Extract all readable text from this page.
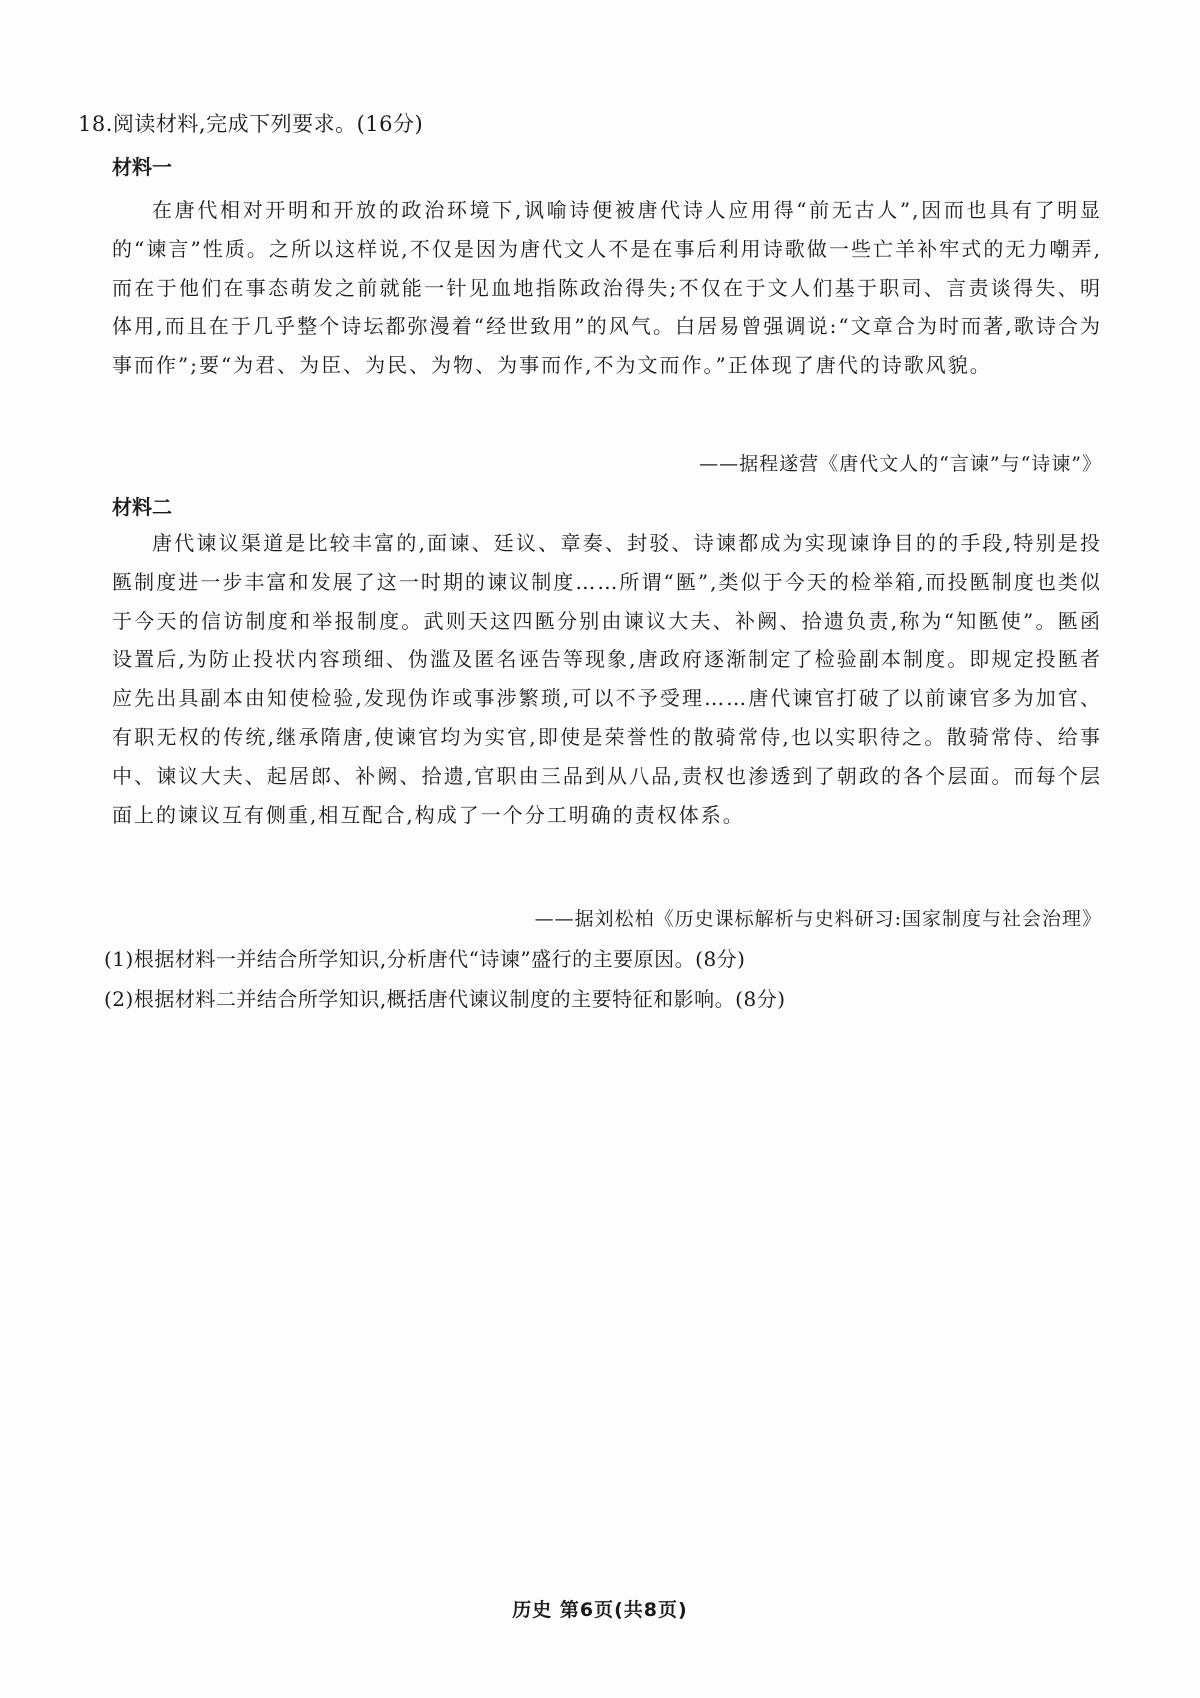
18.阅读材料,完成下列要求。(16分)
材料一

在唐代相对开明和开放的政治环境下,讽喻诗便被唐代诗人应用得“前无古人”,因而也具有了明显的“谏言”性质。之所以这样说,不仅是因为唐代文人不是在事后利用诗歌做一些亡羊补牢式的无力嘲弄,而在于他们在事态萌发之前就能一针见血地指陈政治得失;不仅在于文人们基于职司、言责谈得失、明体用,而且在于几乎整个诗坛都弥漫着“经世致用”的风气。白居易曾强调说:“文章合为时而著,歌诗合为事而作”;要“为君、为臣、为民、为物、为事而作,不为文而作。”正体现了唐代的诗歌风貌。

——据程遂营《唐代文人的“言谏”与“诗谏”》
材料二

唐代谏议渠道是比较丰富的,面谏、廷议、章奏、封驳、诗谏都成为实现谏诤目的的手段,特别是投匦制度进一步丰富和发展了这一时期的谏议制度……所谓“匦”,类似于今天的检举箱,而投匦制度也类似于今天的信访制度和举报制度。武则天这四匦分别由谏议大夫、补阙、拾遗负责,称为“知匦使”。匦函设置后,为防止投状内容琐细、伪滥及匿名诬告等现象,唐政府逐渐制定了检验副本制度。即规定投匦者应先出具副本由知使检验,发现伪诈或事涉繁琐,可以不予受理……唐代谏官打破了以前谏官多为加官、有职无权的传统,继承隋唐,使谏官均为实官,即使是荣誉性的散骑常侍,也以实职待之。散骑常侍、给事中、谏议大夫、起居郎、补阙、拾遗,官职由三品到从八品,责权也渗透到了朝政的各个层面。而每个层面上的谏议互有侧重,相互配合,构成了一个分工明确的责权体系。

——据刘松柏《历史课标解析与史料研习:国家制度与社会治理》
(1)根据材料一并结合所学知识,分析唐代“诗谏”盛行的主要原因。(8分)
(2)根据材料二并结合所学知识,概括唐代谏议制度的主要特征和影响。(8分)
历史 第6页(共8页)
